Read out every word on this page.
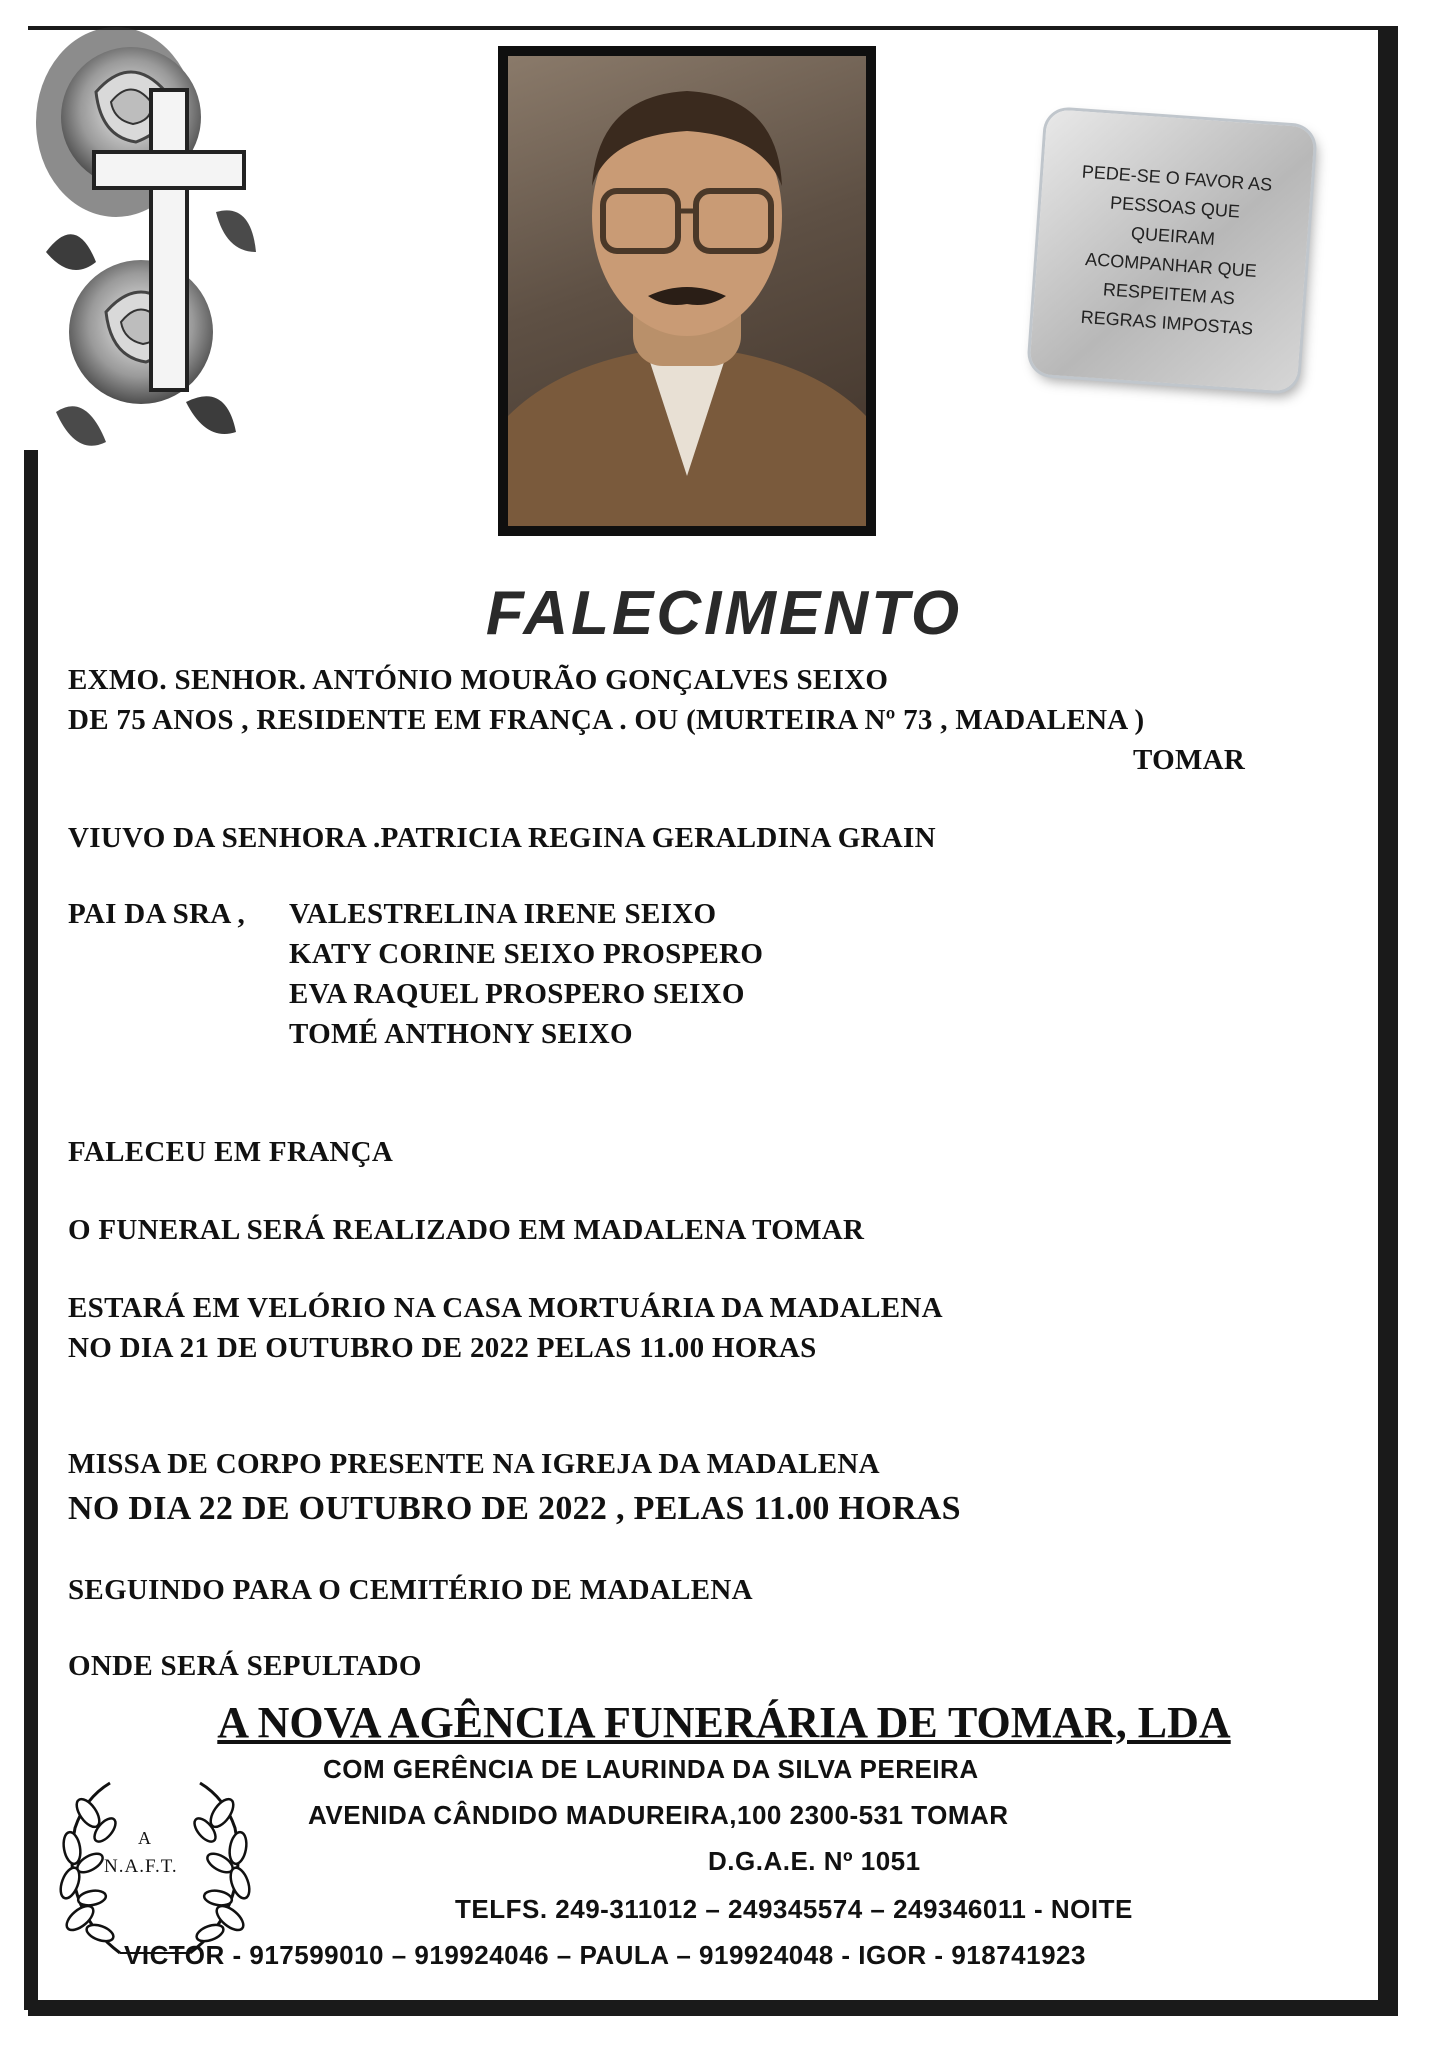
PEDE-SE O FAVOR AS
PESSOAS QUE
QUEIRAM
ACOMPANHAR QUE
RESPEITEM AS
REGRAS IMPOSTAS
FALECIMENTO
EXMO. SENHOR. ANTÓNIO MOURÃO GONÇALVES SEIXO
DE 75 ANOS , RESIDENTE EM FRANÇA . OU (MURTEIRA Nº 73 , MADALENA )
TOMAR
VIUVO DA SENHORA .PATRICIA REGINA GERALDINA GRAIN
PAI DA SRA , VALESTRELINA IRENE SEIXO
KATY CORINE SEIXO PROSPERO
EVA RAQUEL PROSPERO SEIXO
TOMÉ ANTHONY SEIXO
FALECEU EM FRANÇA
O FUNERAL SERÁ REALIZADO EM MADALENA TOMAR
ESTARÁ EM VELÓRIO NA CASA MORTUÁRIA DA MADALENA
NO DIA 21 DE OUTUBRO DE 2022 PELAS 11.00 HORAS
MISSA DE CORPO PRESENTE NA IGREJA DA MADALENA
NO DIA 22 DE OUTUBRO DE 2022 , PELAS 11.00 HORAS
SEGUINDO PARA O CEMITÉRIO DE MADALENA
ONDE SERÁ SEPULTADO
A NOVA AGÊNCIA FUNERÁRIA DE TOMAR, LDA
COM GERÊNCIA DE LAURINDA DA SILVA PEREIRA
AVENIDA CÂNDIDO MADUREIRA,100 2300-531 TOMAR
D.G.A.E. Nº 1051
TELFS. 249-311012 – 249345574 – 249346011 - NOITE
VICTOR - 917599010 – 919924046 – PAULA – 919924048 - IGOR - 918741923
A
N.A.F.T.
